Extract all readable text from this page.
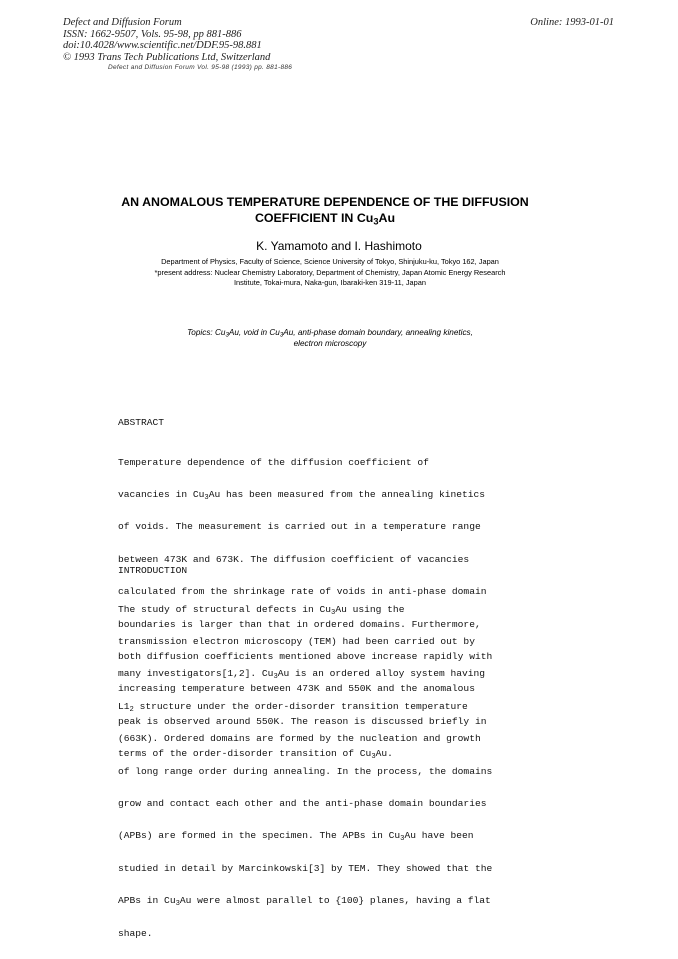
Defect and Diffusion Forum
ISSN: 1662-9507, Vols. 95-98, pp 881-886
doi:10.4028/www.scientific.net/DDF.95-98.881
© 1993 Trans Tech Publications Ltd, Switzerland
Online: 1993-01-01
Defect and Diffusion Forum Vol. 95-98 (1993) pp. 881-886
AN ANOMALOUS TEMPERATURE DEPENDENCE OF THE DIFFUSION
COEFFICIENT IN $Cu_3Au$
K. Yamamoto and I. Hashimoto
Department of Physics, Faculty of Science, Science University of Tokyo, Shinjuku-ku, Tokyo 162, Japan
*present address: Nuclear Chemistry Laboratory, Department of Chemistry, Japan Atomic Energy Research
Institute, Tokai-mura, Naka-gun, Ibaraki-ken 319-11, Japan
Topics: $Cu_3Au$, void in $Cu_3Au$, anti-phase domain boundary, annealing kinetics,
electron microscopy
ABSTRACT

Temperature dependence of the diffusion coefficient of

vacancies in $Cu_3Au$ has been measured from the annealing kinetics

of voids. The measurement is carried out in a temperature range

between 473K and 673K. The diffusion coefficient of vacancies

calculated from the shrinkage rate of voids in anti-phase domain

boundaries is larger than that in ordered domains. Furthermore,

both diffusion coefficients mentioned above increase rapidly with

increasing temperature between 473K and 550K and the anomalous

peak is observed around 550K. The reason is discussed briefly in

terms of the order-disorder transition of $Cu_3Au$.

INTRODUCTION

The study of structural defects in $Cu_3Au$ using the

transmission electron microscopy (TEM) had been carried out by

many investigators[1,2]. $Cu_3Au$ is an ordered alloy system having

$L1_2$ structure under the order-disorder transition temperature

(663K). Ordered domains are formed by the nucleation and growth

of long range order during annealing. In the process, the domains

grow and contact each other and the anti-phase domain boundaries

(APBs) are formed in the specimen. The APBs in $Cu_3Au$ have been

studied in detail by Marcinkowski[3] by TEM. They showed that the

APBs in $Cu_3Au$ were almost parallel to {100} planes, having a flat

shape.
